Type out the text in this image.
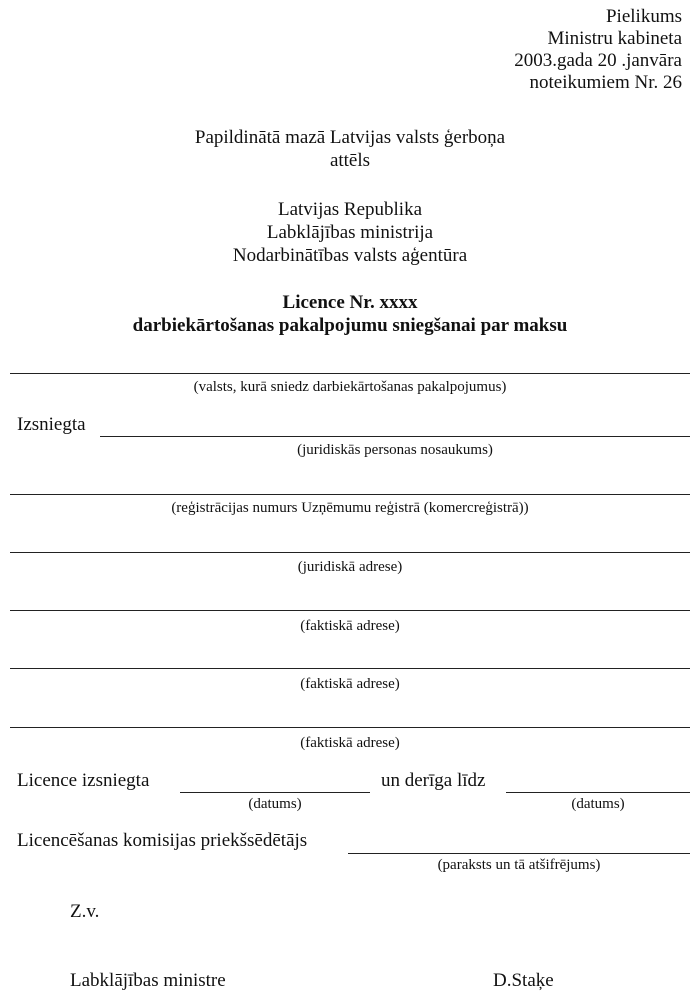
Pielikums
Ministru kabineta
2003.gada 20 .janvāra
noteikumiem Nr. 26
Papildinātā mazā Latvijas valsts ģerboņa
attēls
Latvijas Republika
Labklājības ministrija
Nodarbinātības valsts aģentūra
Licence Nr. xxxx
darbiekārtošanas pakalpojumu sniegšanai par maksu
(valsts, kurā sniedz darbiekārtošanas pakalpojumus)
Izsniegta
(juridiskās personas nosaukums)
(reģistrācijas numurs Uzņēmumu reģistrā (komercreģistrā))
(juridiskā adrese)
(faktiskā adrese)
(faktiskā adrese)
(faktiskā adrese)
Licence izsniegta
(datums)
un derīga līdz
(datums)
Licencēšanas komisijas priekšsēdētājs
(paraksts un tā atšifrējums)
Z.v.
Labklājības ministre	D.Staķe
